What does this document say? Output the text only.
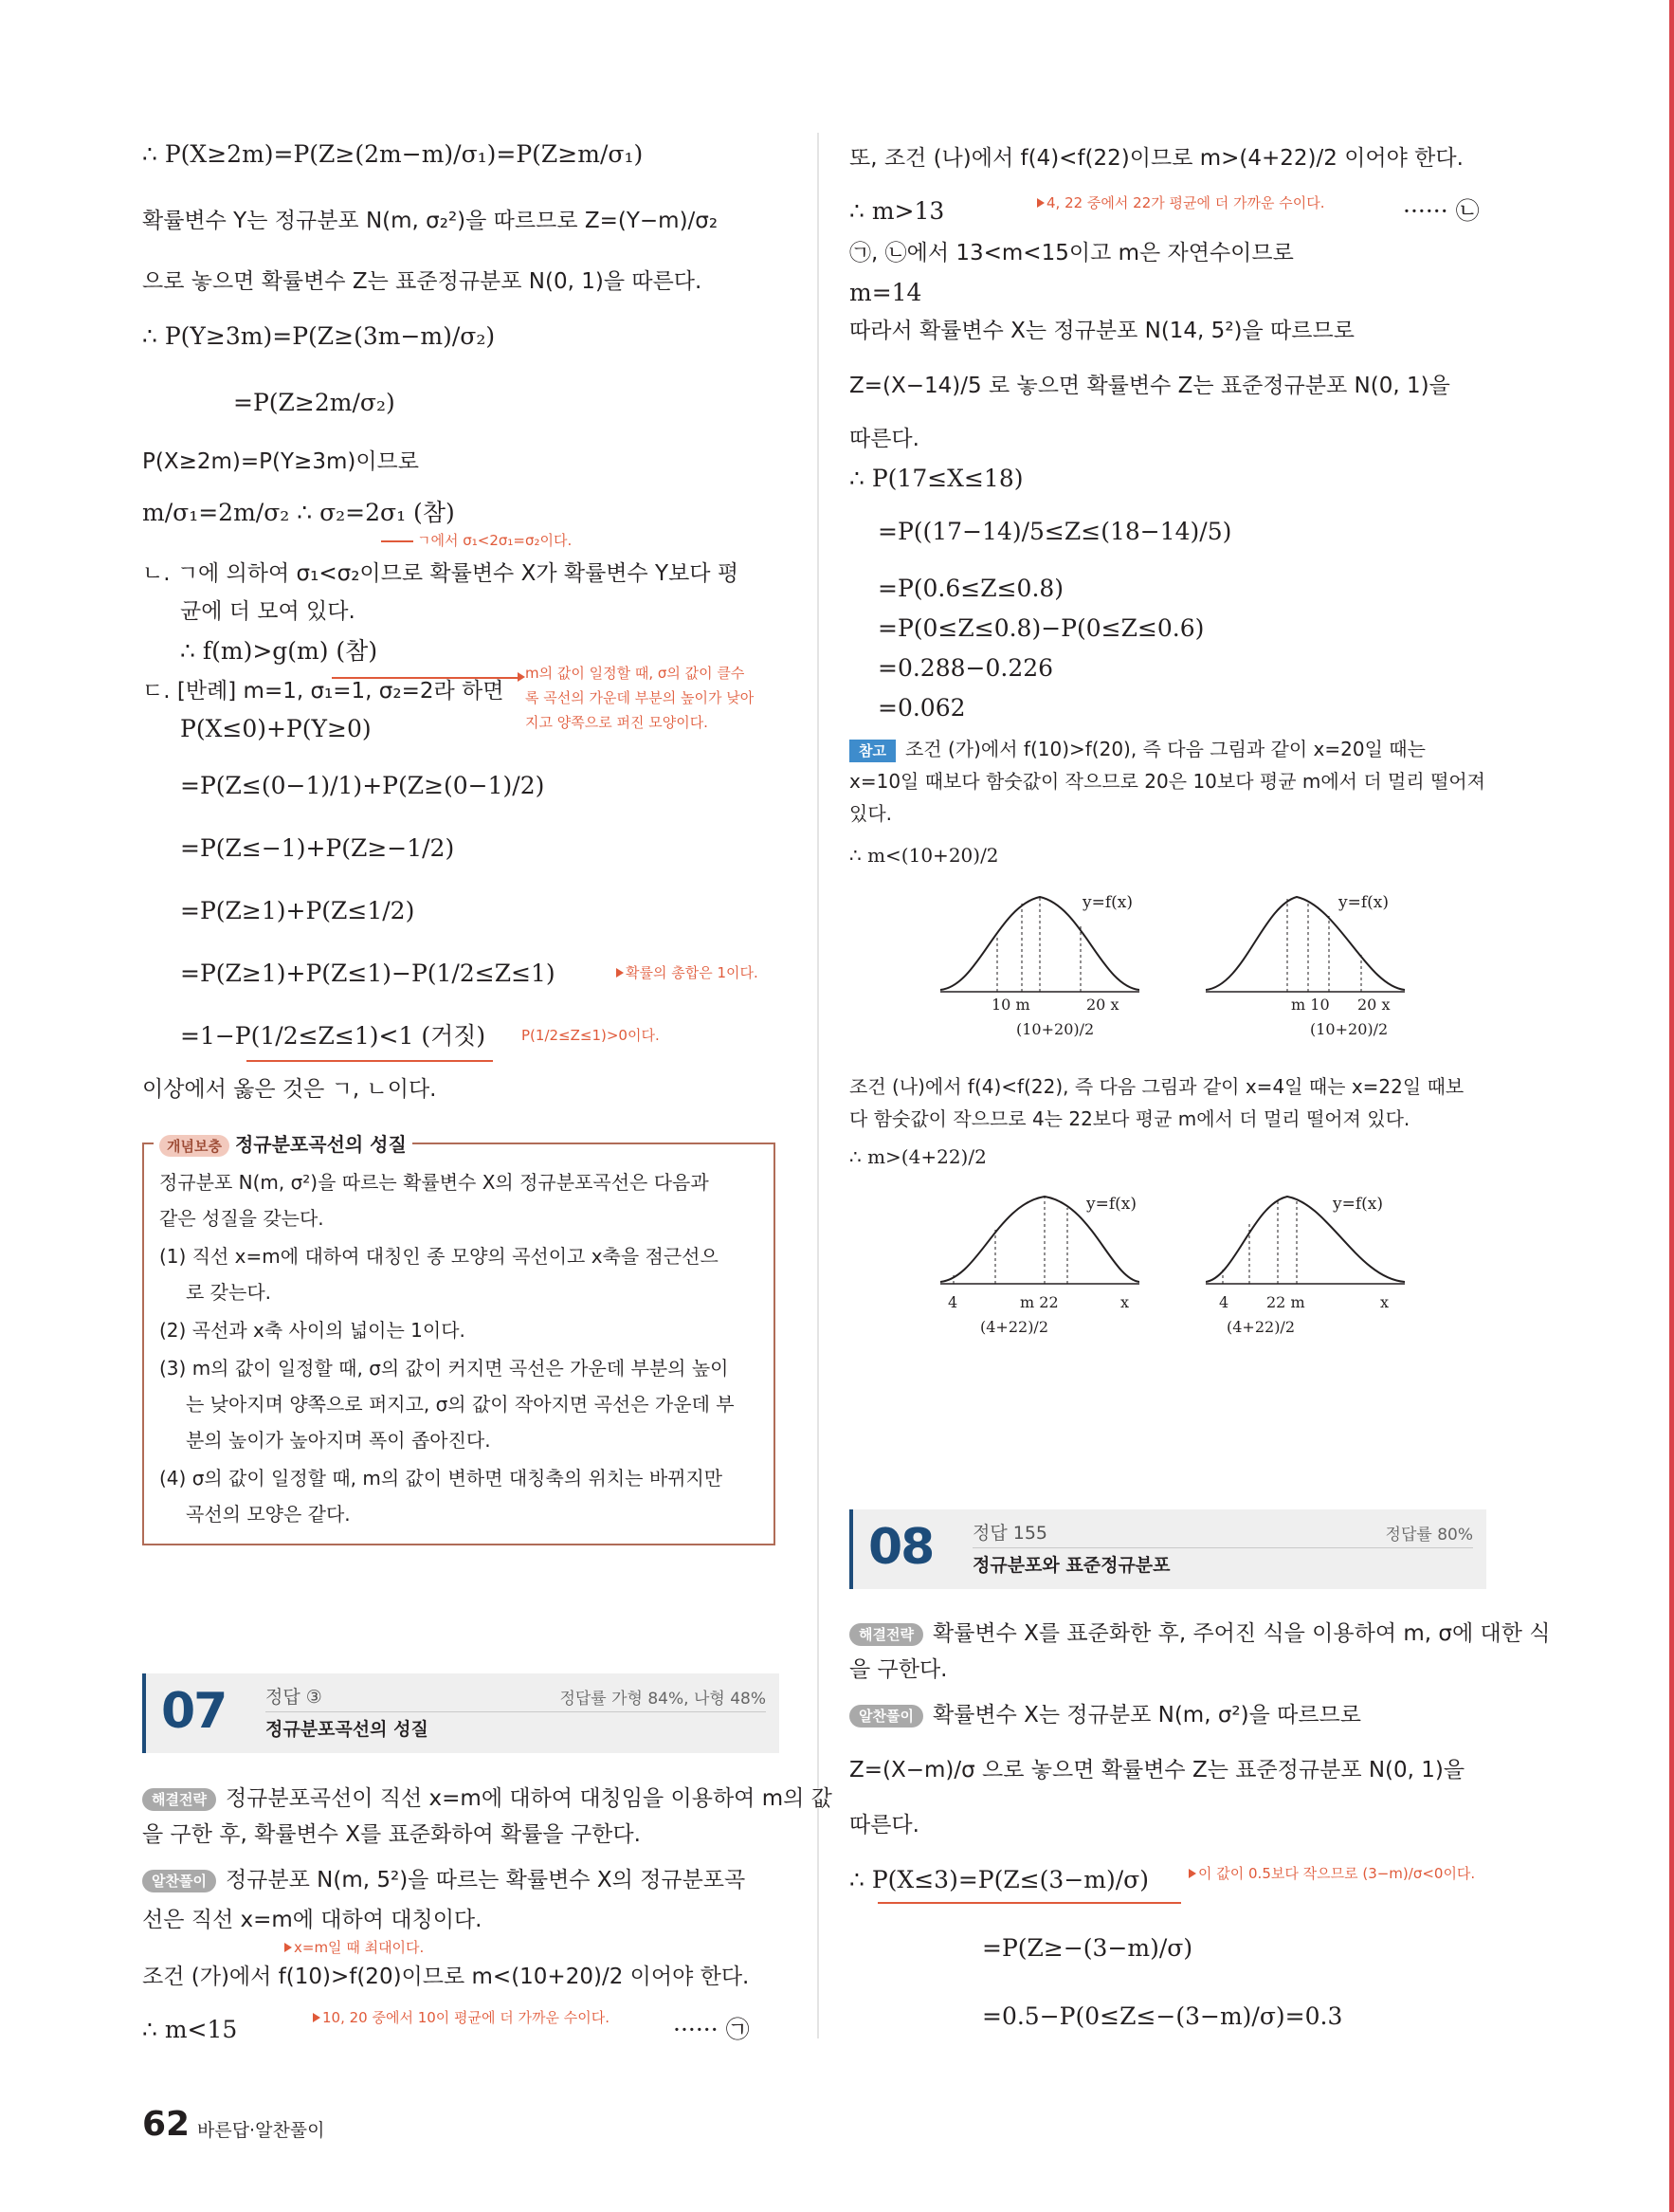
∴ P(X≥2m)=P(Z≥(2m−m)/σ₁)=P(Z≥m/σ₁)
확률변수 Y는 정규분포 N(m, σ₂²)을 따르므로 Z=(Y−m)/σ₂
으로 놓으면 확률변수 Z는 표준정규분포 N(0, 1)을 따른다.
∴ P(Y≥3m)=P(Z≥(3m−m)/σ₂)
=P(Z≥2m/σ₂)
P(X≥2m)=P(Y≥3m)이므로
m/σ₁=2m/σ₂ ∴ σ₂=2σ₁ (참)
ㄱ에서 σ₁<2σ₁=σ₂이다.
ㄴ. ㄱ에 의하여 σ₁<σ₂이므로 확률변수 X가 확률변수 Y보다 평
균에 더 모여 있다.
∴ f(m)>g(m) (참)
m의 값이 일정할 때, σ의 값이 클수
록 곡선의 가운데 부분의 높이가 낮아
지고 양쪽으로 퍼진 모양이다.
ㄷ. [반례] m=1, σ₁=1, σ₂=2라 하면
P(X≤0)+P(Y≥0)
=P(Z≤(0−1)/1)+P(Z≥(0−1)/2)
=P(Z≤−1)+P(Z≥−1/2)
=P(Z≥1)+P(Z≤1/2)
=P(Z≥1)+P(Z≤1)−P(1/2≤Z≤1)	확률의 총합은 1이다.
=1−P(1/2≤Z≤1)<1 (거짓)	P(1/2≤Z≤1)>0이다.
이상에서 옳은 것은 ㄱ, ㄴ이다.
개념보충 정규분포곡선의 성질
정규분포 N(m, σ²)을 따르는 확률변수 X의 정규분포곡선은 다음과
같은 성질을 갖는다.
(1) 직선 x=m에 대하여 대칭인 종 모양의 곡선이고 x축을 점근선으
로 갖는다.
(2) 곡선과 x축 사이의 넓이는 1이다.
(3) m의 값이 일정할 때, σ의 값이 커지면 곡선은 가운데 부분의 높이
는 낮아지며 양쪽으로 퍼지고, σ의 값이 작아지면 곡선은 가운데 부
분의 높이가 높아지며 폭이 좁아진다.
(4) σ의 값이 일정할 때, m의 값이 변하면 대칭축의 위치는 바뀌지만
곡선의 모양은 같다.
07 정답 ③	정답률 가형 84%, 나형 48%
정규분포곡선의 성질
해결전략 정규분포곡선이 직선 x=m에 대하여 대칭임을 이용하여 m의 값
을 구한 후, 확률변수 X를 표준화하여 확률을 구한다.
알찬풀이 정규분포 N(m, 5²)을 따르는 확률변수 X의 정규분포곡
선은 직선 x=m에 대하여 대칭이다.
x=m일 때 최대이다.
조건 (가)에서 f(10)>f(20)이므로 m<(10+20)/2 이어야 한다.
∴ m<15	10, 20 중에서 10이 평균에 더 가까운 수이다.	······ ㉠
또, 조건 (나)에서 f(4)<f(22)이므로 m>(4+22)/2 이어야 한다.
4, 22 중에서 22가 평균에 더 가까운 수이다.
∴ m>13	······ ㉡
㉠, ㉡에서 13<m<15이고 m은 자연수이므로
m=14
따라서 확률변수 X는 정규분포 N(14, 5²)을 따르므로
Z=(X−14)/5 로 놓으면 확률변수 Z는 표준정규분포 N(0, 1)을
따른다.
∴ P(17≤X≤18)
=P((17−14)/5≤Z≤(18−14)/5)
=P(0.6≤Z≤0.8)
=P(0≤Z≤0.8)−P(0≤Z≤0.6)
=0.288−0.226
=0.062
참고 조건 (가)에서 f(10)>f(20), 즉 다음 그림과 같이 x=20일 때는
x=10일 때보다 함숫값이 작으므로 20은 10보다 평균 m에서 더 멀리 떨어져
있다.
∴ m<(10+20)/2
y=f(x)
10 m	20 x
(10+20)/2
y=f(x)
m 10 20 x
(10+20)/2
조건 (나)에서 f(4)<f(22), 즉 다음 그림과 같이 x=4일 때는 x=22일 때보
다 함숫값이 작으므로 4는 22보다 평균 m에서 더 멀리 떨어져 있다.
∴ m>(4+22)/2
y=f(x)
4	m 22	x
(4+22)/2
y=f(x)
4 22 m	x
(4+22)/2
08 정답 155	정답률 80%
정규분포와 표준정규분포
해결전략 확률변수 X를 표준화한 후, 주어진 식을 이용하여 m, σ에 대한 식
을 구한다.
알찬풀이 확률변수 X는 정규분포 N(m, σ²)을 따르므로
Z=(X−m)/σ 으로 놓으면 확률변수 Z는 표준정규분포 N(0, 1)을
따른다.
∴ P(X≤3)=P(Z≤(3−m)/σ)	이 값이 0.5보다 작으므로 (3−m)/σ<0이다.
=P(Z≥−(3−m)/σ)
=0.5−P(0≤Z≤−(3−m)/σ)=0.3
62 바른답·알찬풀이
